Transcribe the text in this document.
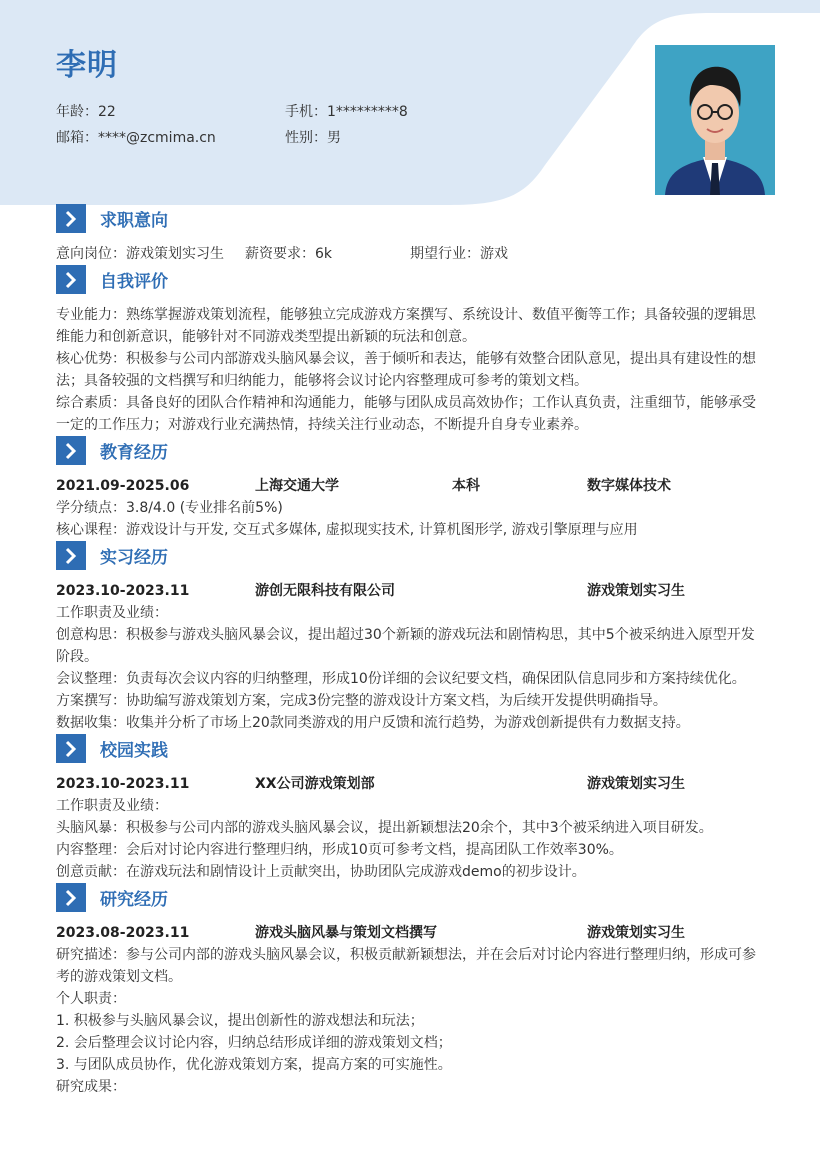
李明
年龄：22	手机：1*********8
邮箱：****@zcmima.cn	性别：男
求职意向
意向岗位：游戏策划实习生	薪资要求：6k	期望行业：游戏
自我评价
专业能力：熟练掌握游戏策划流程，能够独立完成游戏方案撰写、系统设计、数值平衡等工作；具备较强的逻辑思维能力和创新意识，能够针对不同游戏类型提出新颖的玩法和创意。
核心优势：积极参与公司内部游戏头脑风暴会议，善于倾听和表达，能够有效整合团队意见，提出具有建设性的想法；具备较强的文档撰写和归纳能力，能够将会议讨论内容整理成可参考的策划文档。
综合素质：具备良好的团队合作精神和沟通能力，能够与团队成员高效协作；工作认真负责，注重细节，能够承受一定的工作压力；对游戏行业充满热情，持续关注行业动态，不断提升自身专业素养。
教育经历
2021.09-2025.06	上海交通大学	本科	数字媒体技术
学分绩点：3.8/4.0 (专业排名前5%)
核心课程：游戏设计与开发, 交互式多媒体, 虚拟现实技术, 计算机图形学, 游戏引擎原理与应用
实习经历
2023.10-2023.11	游创无限科技有限公司	游戏策划实习生
工作职责及业绩：
创意构思：积极参与游戏头脑风暴会议，提出超过30个新颖的游戏玩法和剧情构思，其中5个被采纳进入原型开发阶段。
会议整理：负责每次会议内容的归纳整理，形成10份详细的会议纪要文档，确保团队信息同步和方案持续优化。
方案撰写：协助编写游戏策划方案，完成3份完整的游戏设计方案文档，为后续开发提供明确指导。
数据收集：收集并分析了市场上20款同类游戏的用户反馈和流行趋势，为游戏创新提供有力数据支持。
校园实践
2023.10-2023.11	XX公司游戏策划部	游戏策划实习生
工作职责及业绩：
头脑风暴：积极参与公司内部的游戏头脑风暴会议，提出新颖想法20余个，其中3个被采纳进入项目研发。
内容整理：会后对讨论内容进行整理归纳，形成10页可参考文档，提高团队工作效率30%。
创意贡献：在游戏玩法和剧情设计上贡献突出，协助团队完成游戏demo的初步设计。
研究经历
2023.08-2023.11	游戏头脑风暴与策划文档撰写	游戏策划实习生
研究描述：参与公司内部的游戏头脑风暴会议，积极贡献新颖想法，并在会后对讨论内容进行整理归纳，形成可参考的游戏策划文档。
个人职责：
1. 积极参与头脑风暴会议，提出创新性的游戏想法和玩法；
2. 会后整理会议讨论内容，归纳总结形成详细的游戏策划文档；
3. 与团队成员协作，优化游戏策划方案，提高方案的可实施性。
研究成果：
